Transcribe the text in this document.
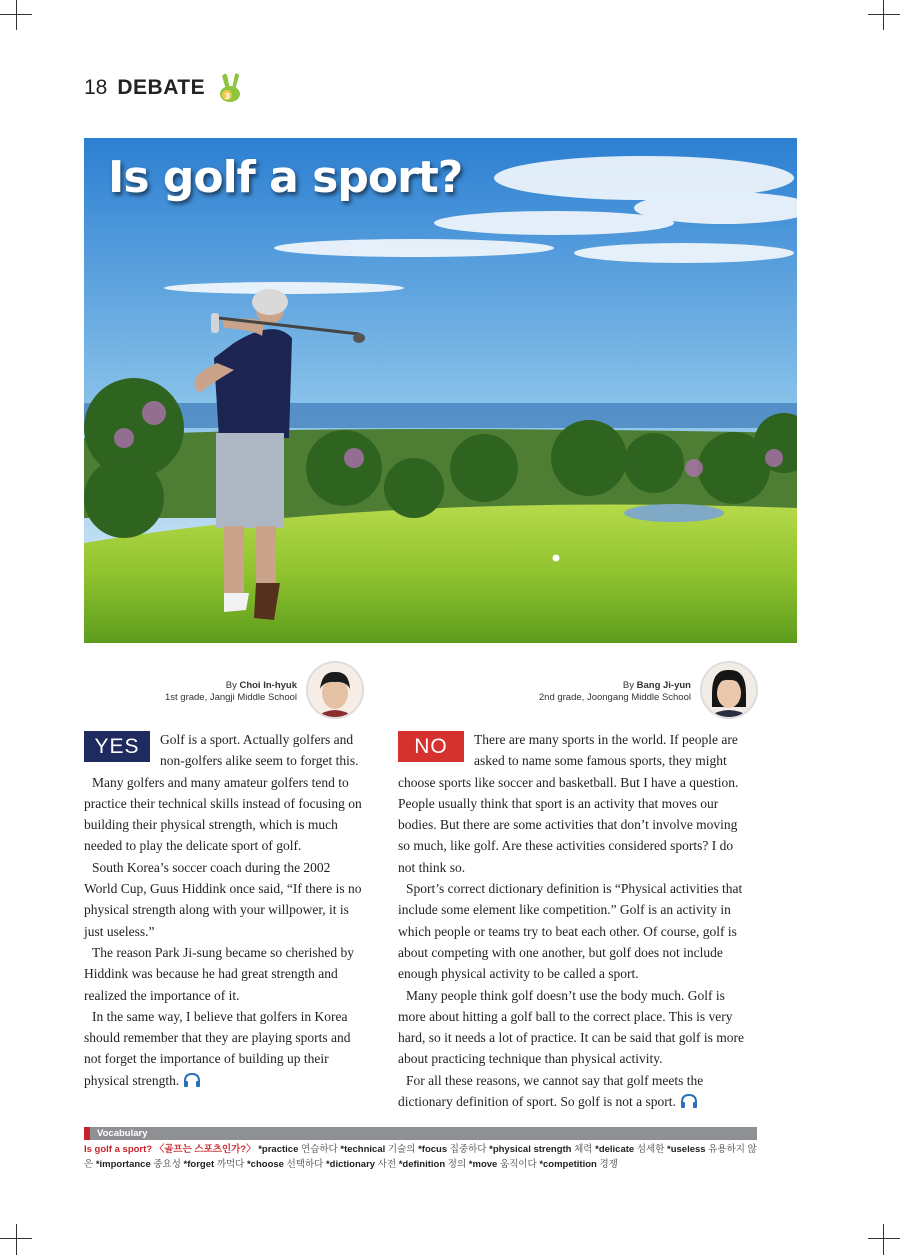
18 DEBATE 3
Is golf a sport?
By Choi In-hyuk
1st grade, Jangji Middle School
By Bang Ji-yun
2nd grade, Joongang Middle School
YES	Golf is a sport. Actually golfers and non-golfers alike seem to forget this.

Many golfers and many amateur golfers tend to practice their technical skills instead of focusing on building their physical strength, which is much needed to play the delicate sport of golf.

South Korea’s soccer coach during the 2002 World Cup, Guus Hiddink once said, “If there is no physical strength along with your willpower, it is just useless.”

The reason Park Ji-sung became so cherished by Hiddink was because he had great strength and realized the importance of it.

In the same way, I believe that golfers in Korea should remember that they are playing sports and not forget the importance of building up their physical strength.

NO	There are many sports in the world. If people are asked to name some famous sports, they might choose sports like soccer and basketball. But I have a question. People usually think that sport is an activity that moves our bodies. But there are some activities that don’t involve moving so much, like golf. Are these activities considered sports? I do not think so.

Sport’s correct dictionary definition is “Physical activities that include some element like competition.” Golf is an activity in which people or teams try to beat each other. Of course, golf is about competing with one another, but golf does not include enough physical activity to be called a sport.

Many people think golf doesn’t use the body much. Golf is more about hitting a golf ball to the correct place. This is very hard, so it needs a lot of practice. It can be said that golf is more about practicing technique than physical activity.

For all these reasons, we cannot say that golf meets the dictionary definition of sport. So golf is not a sport.

Vocabulary
Is golf a sport? 〈골프는 스포츠인가?〉 *practice 연습하다 *technical 기술의 *focus 집중하다 *physical strength 체력 *delicate 섬세한 *useless 유용하지 않은 *importance 중요성 *forget 까먹다 *choose 선택하다 *dictionary 사전 *definition 정의 *move 움직이다 *competition 경쟁
